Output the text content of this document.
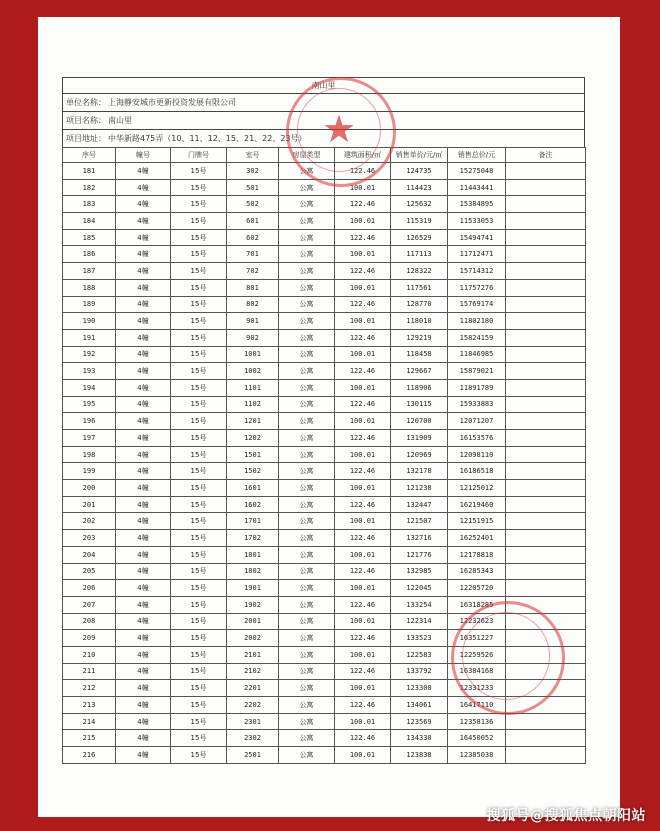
南山里
单位名称： 上海静安城市更新投资发展有限公司
项目名称： 南山里
项目地址： 中华新路475弄（10、11、12、15、21、22、23号）
序号	幢号	门牌号	室号	房屋类型	建筑面积/㎡	销售单价/元/㎡	销售总价/元	备注
181	4幢	15号	302	公寓	122.46	124735	15275048	
182	4幢	15号	501	公寓	100.01	114423	11443441	
183	4幢	15号	502	公寓	122.46	125632	15384895	
184	4幢	15号	601	公寓	100.01	115319	11533053	
185	4幢	15号	602	公寓	122.46	126529	15494741	
186	4幢	15号	701	公寓	100.01	117113	11712471	
187	4幢	15号	702	公寓	122.46	128322	15714312	
188	4幢	15号	801	公寓	100.01	117561	11757276	
189	4幢	15号	802	公寓	122.46	128770	15769174	
190	4幢	15号	901	公寓	100.01	118010	11802180	
191	4幢	15号	902	公寓	122.46	129219	15824159	
192	4幢	15号	1001	公寓	100.01	118458	11846985	
193	4幢	15号	1002	公寓	122.46	129667	15879021	
194	4幢	15号	1101	公寓	100.01	118906	11891789	
195	4幢	15号	1102	公寓	122.46	130115	15933883	
196	4幢	15号	1201	公寓	100.01	120700	12071207	
197	4幢	15号	1202	公寓	122.46	131909	16153576	
198	4幢	15号	1501	公寓	100.01	120969	12098110	
199	4幢	15号	1502	公寓	122.46	132178	16186518	
200	4幢	15号	1601	公寓	100.01	121238	12125012	
201	4幢	15号	1602	公寓	122.46	132447	16219460	
202	4幢	15号	1701	公寓	100.01	121507	12151915	
203	4幢	15号	1702	公寓	122.46	132716	16252401	
204	4幢	15号	1801	公寓	100.01	121776	12178818	
205	4幢	15号	1802	公寓	122.46	132985	16285343	
206	4幢	15号	1901	公寓	100.01	122045	12205720	
207	4幢	15号	1902	公寓	122.46	133254	16318285	
208	4幢	15号	2001	公寓	100.01	122314	12232623	
209	4幢	15号	2002	公寓	122.46	133523	16351227	
210	4幢	15号	2101	公寓	100.01	122583	12259526	
211	4幢	15号	2102	公寓	122.46	133792	16384168	
212	4幢	15号	2201	公寓	100.01	123300	12331233	
213	4幢	15号	2202	公寓	122.46	134061	16417110	
214	4幢	15号	2301	公寓	100.01	123569	12358136	
215	4幢	15号	2302	公寓	122.46	134330	16450052	
216	4幢	15号	2501	公寓	100.01	123838	12385038	
★
搜狐号@搜狐焦点朝阳站
